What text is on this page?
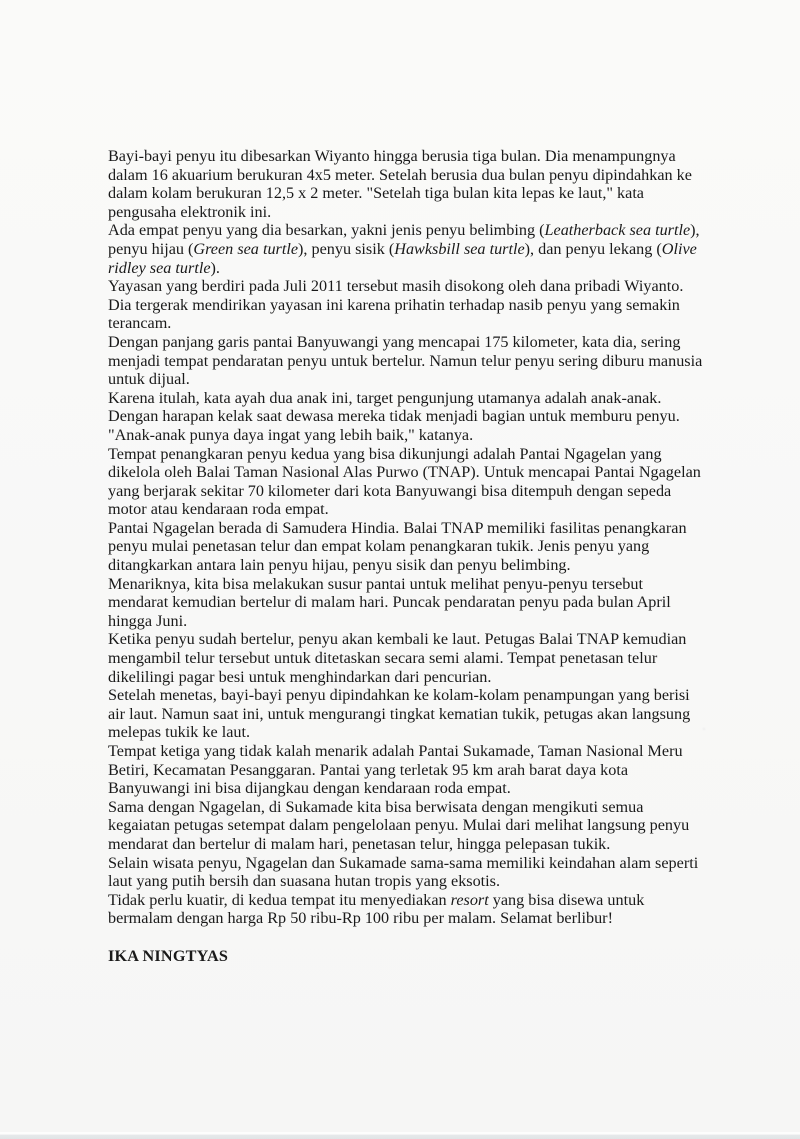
Bayi-bayi penyu itu dibesarkan Wiyanto hingga berusia tiga bulan. Dia menampungnya dalam 16 akuarium berukuran 4x5 meter. Setelah berusia dua bulan penyu dipindahkan ke dalam kolam berukuran 12,5 x 2 meter. "Setelah tiga bulan kita lepas ke laut," kata pengusaha elektronik ini.

Ada empat penyu yang dia besarkan, yakni jenis penyu belimbing (Leatherback sea turtle), penyu hijau (Green sea turtle), penyu sisik (Hawksbill sea turtle), dan penyu lekang (Olive ridley sea turtle).

Yayasan yang berdiri pada Juli 2011 tersebut masih disokong oleh dana pribadi Wiyanto. Dia tergerak mendirikan yayasan ini karena prihatin terhadap nasib penyu yang semakin terancam.

Dengan panjang garis pantai Banyuwangi yang mencapai 175 kilometer, kata dia, sering menjadi tempat pendaratan penyu untuk bertelur. Namun telur penyu sering diburu manusia untuk dijual.

Karena itulah, kata ayah dua anak ini, target pengunjung utamanya adalah anak-anak. Dengan harapan kelak saat dewasa mereka tidak menjadi bagian untuk memburu penyu. "Anak-anak punya daya ingat yang lebih baik," katanya.

Tempat penangkaran penyu kedua yang bisa dikunjungi adalah Pantai Ngagelan yang dikelola oleh Balai Taman Nasional Alas Purwo (TNAP). Untuk mencapai Pantai Ngagelan yang berjarak sekitar 70 kilometer dari kota Banyuwangi bisa ditempuh dengan sepeda motor atau kendaraan roda empat.

Pantai Ngagelan berada di Samudera Hindia. Balai TNAP memiliki fasilitas penangkaran penyu mulai penetasan telur dan empat kolam penangkaran tukik. Jenis penyu yang ditangkarkan antara lain penyu hijau, penyu sisik dan penyu belimbing.

Menariknya, kita bisa melakukan susur pantai untuk melihat penyu-penyu tersebut mendarat kemudian bertelur di malam hari. Puncak pendaratan penyu pada bulan April hingga Juni.

Ketika penyu sudah bertelur, penyu akan kembali ke laut. Petugas Balai TNAP kemudian mengambil telur tersebut untuk ditetaskan secara semi alami. Tempat penetasan telur dikelilingi pagar besi untuk menghindarkan dari pencurian.

Setelah menetas, bayi-bayi penyu dipindahkan ke kolam-kolam penampungan yang berisi air laut. Namun saat ini, untuk mengurangi tingkat kematian tukik, petugas akan langsung melepas tukik ke laut.

Tempat ketiga yang tidak kalah menarik adalah Pantai Sukamade, Taman Nasional Meru Betiri, Kecamatan Pesanggaran. Pantai yang terletak 95 km arah barat daya kota Banyuwangi ini bisa dijangkau dengan kendaraan roda empat.

Sama dengan Ngagelan, di Sukamade kita bisa berwisata dengan mengikuti semua kegaiatan petugas setempat dalam pengelolaan penyu. Mulai dari melihat langsung penyu mendarat dan bertelur di malam hari, penetasan telur, hingga pelepasan tukik.

Selain wisata penyu, Ngagelan dan Sukamade sama-sama memiliki keindahan alam seperti laut yang putih bersih dan suasana hutan tropis yang eksotis.

Tidak perlu kuatir, di kedua tempat itu menyediakan resort yang bisa disewa untuk bermalam dengan harga Rp 50 ribu-Rp 100 ribu per malam. Selamat berlibur!

IKA NINGTYAS
